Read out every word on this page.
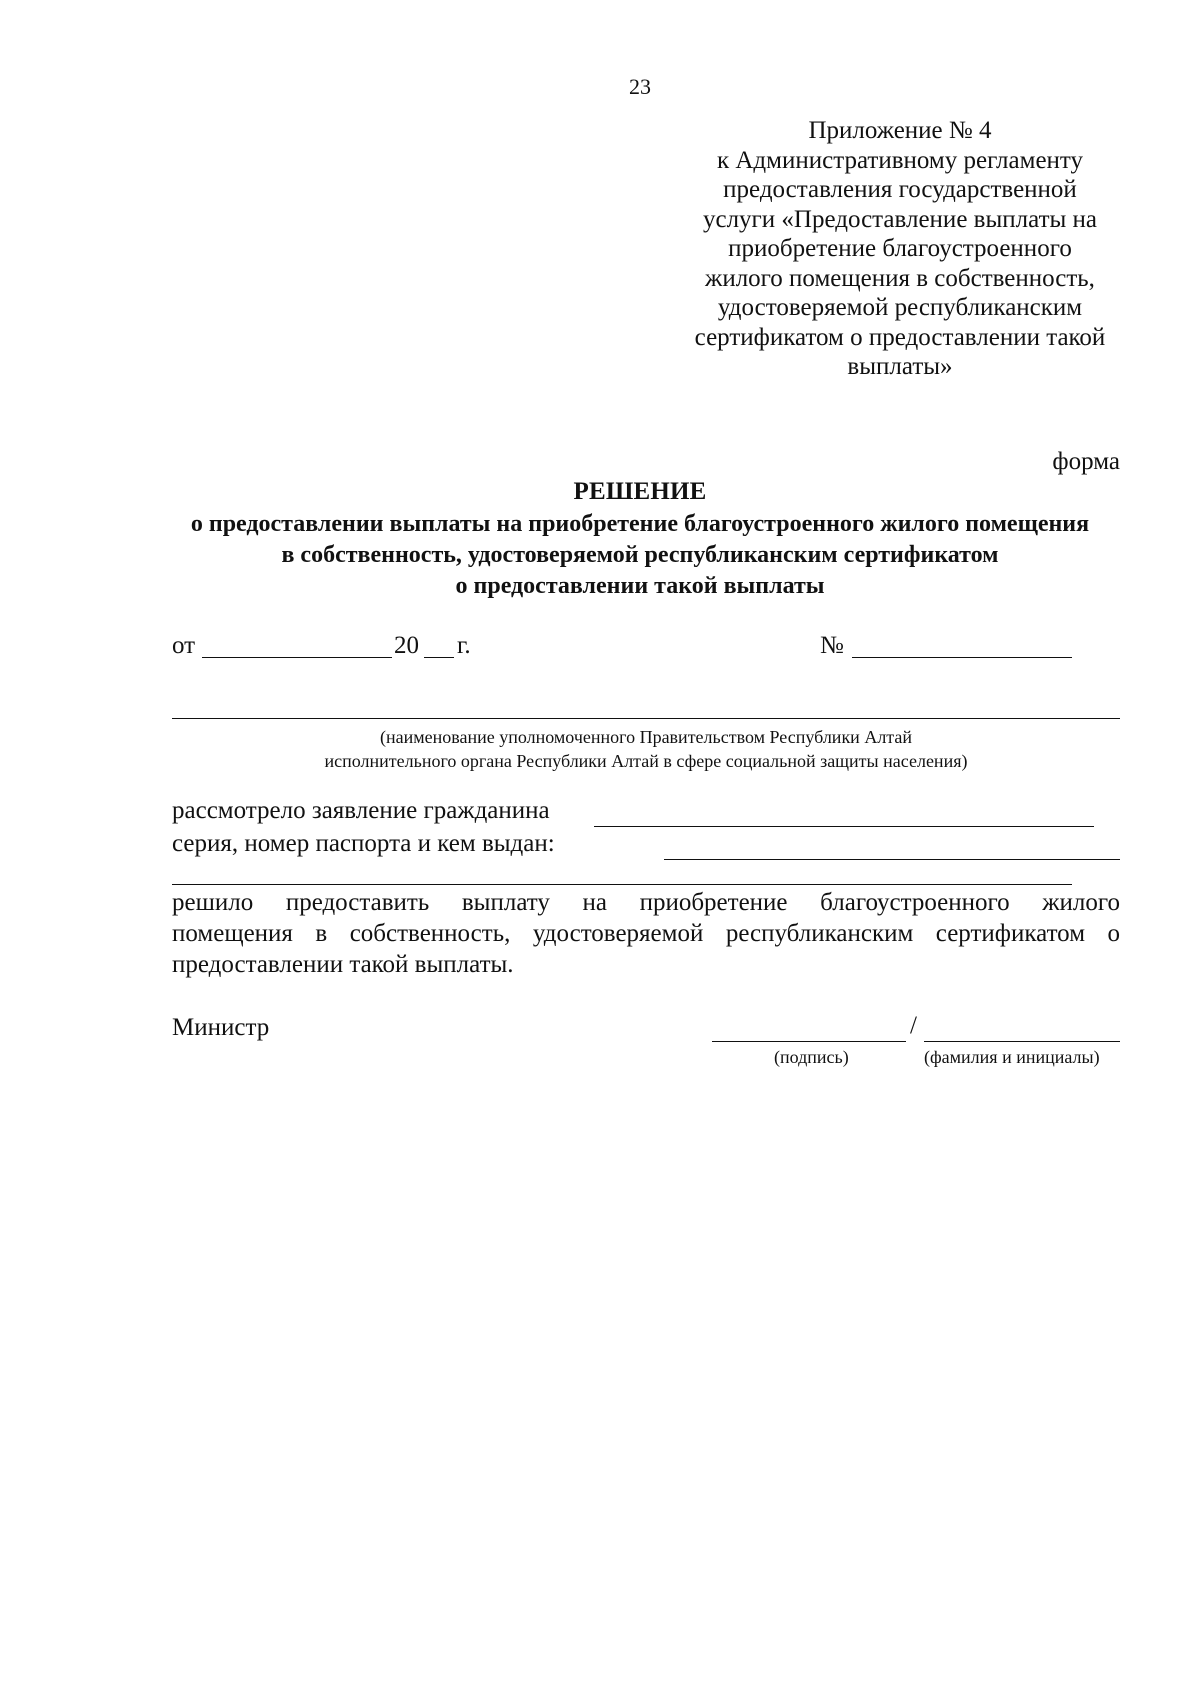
23
Приложение № 4
к Административному регламенту
предоставления государственной
услуги «Предоставление выплаты на
приобретение благоустроенного
жилого помещения в собственность,
удостоверяемой республиканским
сертификатом о предоставлении такой
выплаты»
форма
РЕШЕНИЕ
о предоставлении выплаты на приобретение благоустроенного жилого помещения
в собственность, удостоверяемой республиканским сертификатом
о предоставлении такой выплаты
от	20 г.	№
(наименование уполномоченного Правительством Республики Алтай
исполнительного органа Республики Алтай в сфере социальной защиты населения)
рассмотрело заявление гражданина
серия, номер паспорта и кем выдан:
решило предоставить выплату на приобретение благоустроенного жилого
помещения в собственность, удостоверяемой республиканским сертификатом о
предоставлении такой выплаты.
Министр	/
(подпись)	(фамилия и инициалы)
